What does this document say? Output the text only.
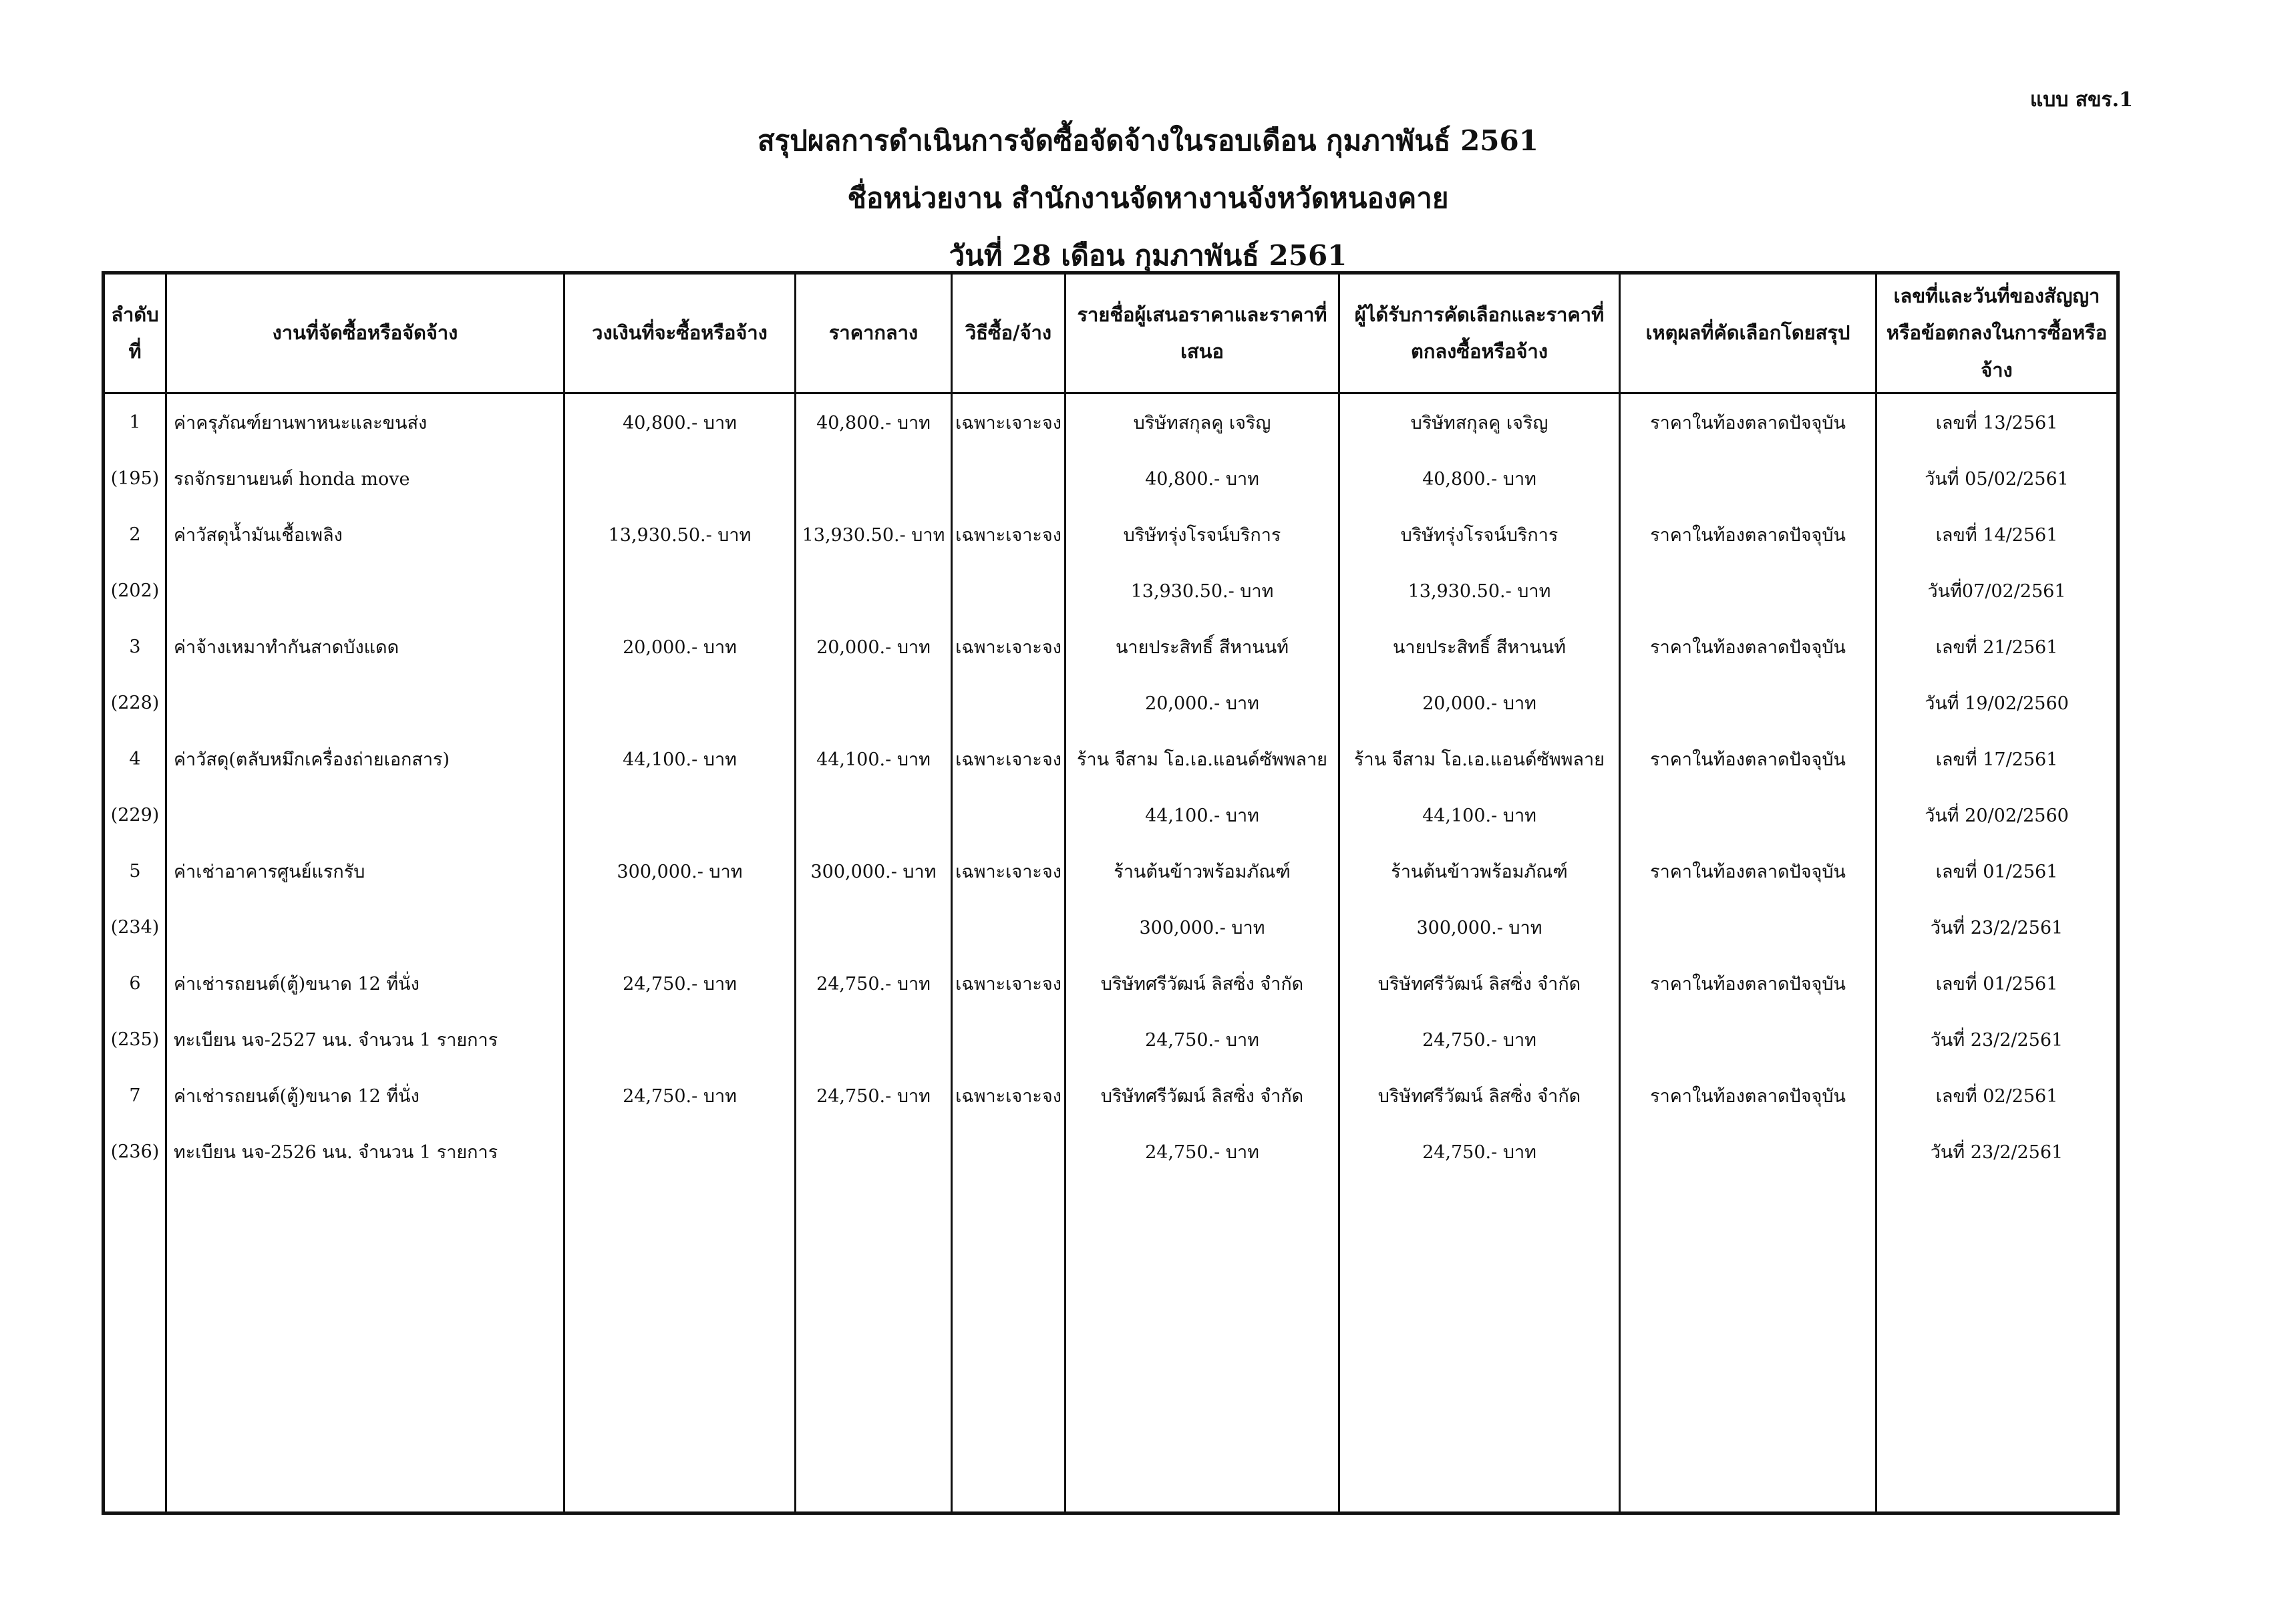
แบบ สขร.1
สรุปผลการดำเนินการจัดซื้อจัดจ้างในรอบเดือน กุมภาพันธ์ 2561
ชื่อหน่วยงาน สำนักงานจัดหางานจังหวัดหนองคาย
วันที่ 28 เดือน กุมภาพันธ์ 2561
ลำดับที่	งานที่จัดซื้อหรือจัดจ้าง	วงเงินที่จะซื้อหรือจ้าง	ราคากลาง	วิธีซื้อ/จ้าง	รายชื่อผู้เสนอราคาและราคาที่เสนอ	ผู้ได้รับการคัดเลือกและราคาที่ตกลงซื้อหรือจ้าง	เหตุผลที่คัดเลือกโดยสรุป	เลขที่และวันที่ของสัญญาหรือข้อตกลงในการซื้อหรือจ้าง
1	ค่าครุภัณฑ์ยานพาหนะและขนส่ง	40,800.- บาท	40,800.- บาท	เฉพาะเจาะจง	บริษัทสกุลคู เจริญ	บริษัทสกุลคู เจริญ	ราคาในท้องตลาดปัจจุบัน	เลขที่ 13/2561
(195)	รถจักรยานยนต์ honda move				40,800.- บาท	40,800.- บาท		วันที่ 05/02/2561
2	ค่าวัสดุน้ำมันเชื้อเพลิง	13,930.50.- บาท	13,930.50.- บาท	เฉพาะเจาะจง	บริษัทรุ่งโรจน์บริการ	บริษัทรุ่งโรจน์บริการ	ราคาในท้องตลาดปัจจุบัน	เลขที่ 14/2561
(202)					13,930.50.- บาท	13,930.50.- บาท		วันที่07/02/2561
3	ค่าจ้างเหมาทำกันสาดบังแดด	20,000.- บาท	20,000.- บาท	เฉพาะเจาะจง	นายประสิทธิ์ สีหานนท์	นายประสิทธิ์ สีหานนท์	ราคาในท้องตลาดปัจจุบัน	เลขที่ 21/2561
(228)					20,000.- บาท	20,000.- บาท		วันที่ 19/02/2560
4	ค่าวัสดุ(ตลับหมึกเครื่องถ่ายเอกสาร)	44,100.- บาท	44,100.- บาท	เฉพาะเจาะจง	ร้าน จีสาม โอ.เอ.แอนด์ซัพพลาย	ร้าน จีสาม โอ.เอ.แอนด์ซัพพลาย	ราคาในท้องตลาดปัจจุบัน	เลขที่ 17/2561
(229)					44,100.- บาท	44,100.- บาท		วันที่ 20/02/2560
5	ค่าเช่าอาคารศูนย์แรกรับ	300,000.- บาท	300,000.- บาท	เฉพาะเจาะจง	ร้านต้นข้าวพร้อมภัณฑ์	ร้านต้นข้าวพร้อมภัณฑ์	ราคาในท้องตลาดปัจจุบัน	เลขที่ 01/2561
(234)					300,000.- บาท	300,000.- บาท		วันที่ 23/2/2561
6	ค่าเช่ารถยนต์(ตู้)ขนาด 12 ที่นั่ง	24,750.- บาท	24,750.- บาท	เฉพาะเจาะจง	บริษัทศรีวัฒน์ ลิสซิ่ง จำกัด	บริษัทศรีวัฒน์ ลิสซิ่ง จำกัด	ราคาในท้องตลาดปัจจุบัน	เลขที่ 01/2561
(235)	ทะเบียน นจ-2527 นน. จำนวน 1 รายการ				24,750.- บาท	24,750.- บาท		วันที่ 23/2/2561
7	ค่าเช่ารถยนต์(ตู้)ขนาด 12 ที่นั่ง	24,750.- บาท	24,750.- บาท	เฉพาะเจาะจง	บริษัทศรีวัฒน์ ลิสซิ่ง จำกัด	บริษัทศรีวัฒน์ ลิสซิ่ง จำกัด	ราคาในท้องตลาดปัจจุบัน	เลขที่ 02/2561
(236)	ทะเบียน นจ-2526 นน. จำนวน 1 รายการ				24,750.- บาท	24,750.- บาท		วันที่ 23/2/2561
